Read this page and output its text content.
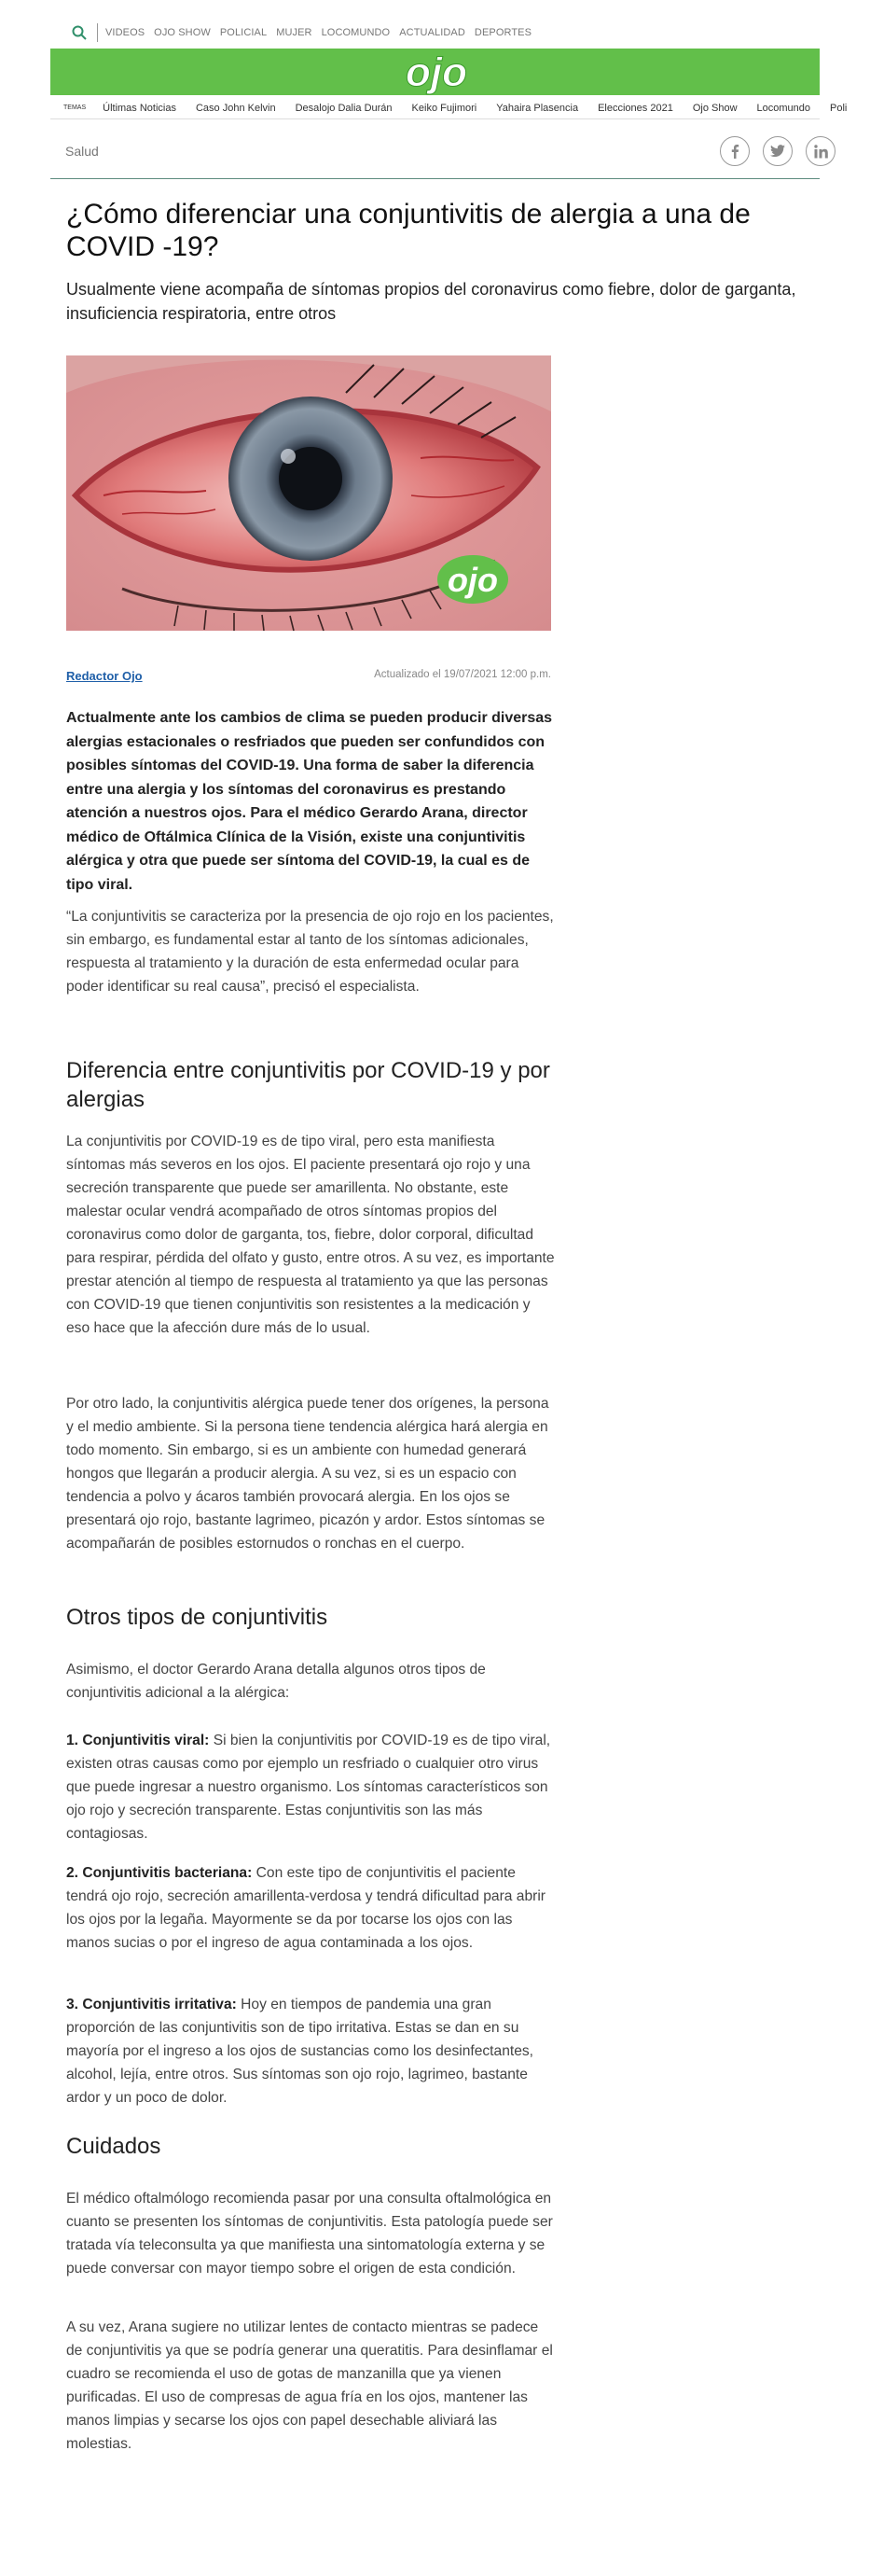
VIDEOS OJO SHOW POLICIAL MUJER LOCOMUNDO ACTUALIDAD DEPORTES
ojo
TEMAS Últimas Noticias Caso John Kelvin Desalojo Dalia Durán Keiko Fujimori Yahaira Plasencia Elecciones 2021 Ojo Show Locomundo Poli
Salud
¿Cómo diferenciar una conjuntivitis de alergia a una de COVID -19?
Usualmente viene acompaña de síntomas propios del coronavirus como fiebre, dolor de garganta, insuficiencia respiratoria, entre otros
ojo
Redactor Ojo	Actualizado el 19/07/2021 12:00 p.m.

Actualmente ante los cambios de clima se pueden producir diversas alergias estacionales o resfriados que pueden ser confundidos con posibles síntomas del COVID-19. Una forma de saber la diferencia entre una alergia y los síntomas del coronavirus es prestando atención a nuestros ojos. Para el médico Gerardo Arana, director médico de Oftálmica Clínica de la Visión, existe una conjuntivitis alérgica y otra que puede ser síntoma del COVID-19, la cual es de tipo viral.

“La conjuntivitis se caracteriza por la presencia de ojo rojo en los pacientes, sin embargo, es fundamental estar al tanto de los síntomas adicionales, respuesta al tratamiento y la duración de esta enfermedad ocular para poder identificar su real causa”, precisó el especialista.

Diferencia entre conjuntivitis por COVID-19 y por alergias

La conjuntivitis por COVID-19 es de tipo viral, pero esta manifiesta síntomas más severos en los ojos. El paciente presentará ojo rojo y una secreción transparente que puede ser amarillenta. No obstante, este malestar ocular vendrá acompañado de otros síntomas propios del coronavirus como dolor de garganta, tos, fiebre, dolor corporal, dificultad para respirar, pérdida del olfato y gusto, entre otros. A su vez, es importante prestar atención al tiempo de respuesta al tratamiento ya que las personas con COVID-19 que tienen conjuntivitis son resistentes a la medicación y eso hace que la afección dure más de lo usual.

Por otro lado, la conjuntivitis alérgica puede tener dos orígenes, la persona y el medio ambiente. Si la persona tiene tendencia alérgica hará alergia en todo momento. Sin embargo, si es un ambiente con humedad generará hongos que llegarán a producir alergia. A su vez, si es un espacio con tendencia a polvo y ácaros también provocará alergia. En los ojos se presentará ojo rojo, bastante lagrimeo, picazón y ardor. Estos síntomas se acompañarán de posibles estornudos o ronchas en el cuerpo.

Otros tipos de conjuntivitis

Asimismo, el doctor Gerardo Arana detalla algunos otros tipos de conjuntivitis adicional a la alérgica:

1. Conjuntivitis viral: Si bien la conjuntivitis por COVID-19 es de tipo viral, existen otras causas como por ejemplo un resfriado o cualquier otro virus que puede ingresar a nuestro organismo. Los síntomas característicos son ojo rojo y secreción transparente. Estas conjuntivitis son las más contagiosas.

2. Conjuntivitis bacteriana: Con este tipo de conjuntivitis el paciente tendrá ojo rojo, secreción amarillenta-verdosa y tendrá dificultad para abrir los ojos por la legaña. Mayormente se da por tocarse los ojos con las manos sucias o por el ingreso de agua contaminada a los ojos.

3. Conjuntivitis irritativa: Hoy en tiempos de pandemia una gran proporción de las conjuntivitis son de tipo irritativa. Estas se dan en su mayoría por el ingreso a los ojos de sustancias como los desinfectantes, alcohol, lejía, entre otros. Sus síntomas son ojo rojo, lagrimeo, bastante ardor y un poco de dolor.

Cuidados

El médico oftalmólogo recomienda pasar por una consulta oftalmológica en cuanto se presenten los síntomas de conjuntivitis. Esta patología puede ser tratada vía teleconsulta ya que manifiesta una sintomatología externa y se puede conversar con mayor tiempo sobre el origen de esta condición.

A su vez, Arana sugiere no utilizar lentes de contacto mientras se padece de conjuntivitis ya que se podría generar una queratitis. Para desinflamar el cuadro se recomienda el uso de gotas de manzanilla que ya vienen purificadas. El uso de compresas de agua fría en los ojos, mantener las manos limpias y secarse los ojos con papel desechable aliviará las molestias.
